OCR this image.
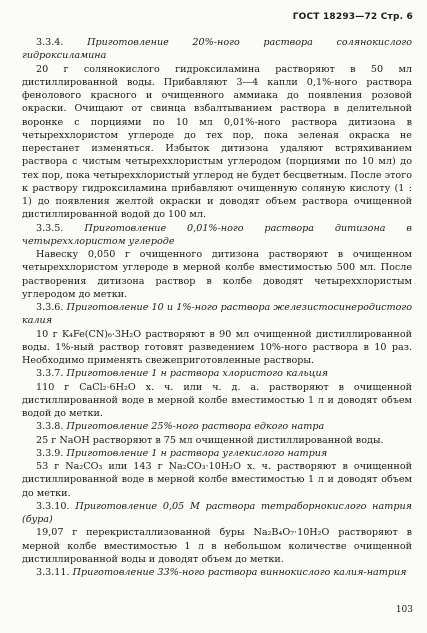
ГОСТ 18293—72 Стр. 6

3.3.4. Приготовление 20%-ного раствора солянокислого гидроксиламина

20 г солянокислого гидроксиламина растворяют в 50 мл дистиллированной воды. Прибавляют 3—4 капли 0,1%-ного раствора фенолового красного и очищенного аммиака до появления розовой окраски. Очищают от свинца взбалтыванием раствора в делительной воронке с порциями по 10 мл 0,01%-ного раствора дитизона в четыреххлористом углероде до тех пор, пока зеленая окраска не перестанет изменяться. Избыток дитизона удаляют встряхиванием раствора с чистым четыреххлористым углеродом (порциями по 10 мл) до тех пор, пока четыреххлористый углерод не будет бесцветным. После этого к раствору гидроксиламина прибавляют очищенную соляную кислоту (1 : 1) до появления желтой окраски и доводят объем раствора очищенной дистиллированной водой до 100 мл.

3.3.5. Приготовление 0,01%-ного раствора дитизона в четыреххлористом углероде

Навеску 0,050 г очищенного дитизона растворяют в очищенном четыреххлористом углероде в мерной колбе вместимостью 500 мл. После растворения дитизона раствор в колбе доводят четыреххлористым углеродом до метки.

3.3.6. Приготовление 10 и 1%-ного раствора железистосинеродистого калия

10 г K₄Fe(CN)₆·3H₂O растворяют в 90 мл очищенной дистиллированной воды. 1%-ный раствор готовят разведением 10%-ного раствора в 10 раз. Необходимо применять свежеприготовленные растворы.

3.3.7. Приготовление 1 н раствора хлористого кальция

110 г CaCl₂·6H₂O х. ч. или ч. д. а. растворяют в очищенной дистиллированной воде в мерной колбе вместимостью 1 л и доводят объем водой до метки.

3.3.8. Приготовление 25%-ного раствора едкого натра

25 г NaOH растворяют в 75 мл очищенной дистиллированной воды.

3.3.9. Приготовление 1 н раствора углекислого натрия

53 г Na₂CO₃ или 143 г Na₂CO₃·10H₂O х. ч. растворяют в очищенной дистиллированной воде в мерной колбе вместимостью 1 л и доводят объем до метки.

3.3.10. Приготовление 0,05 М раствора тетраборнокислого натрия (бура)

19,07 г перекристаллизованной буры Na₂B₄O₇·10H₂O растворяют в мерной колбе вместимостью 1 л в небольшом количестве очищенной дистиллированной воды и доводят объем до метки.

3.3.11. Приготовление 33%-ного раствора виннокислого калия-натрия

103
